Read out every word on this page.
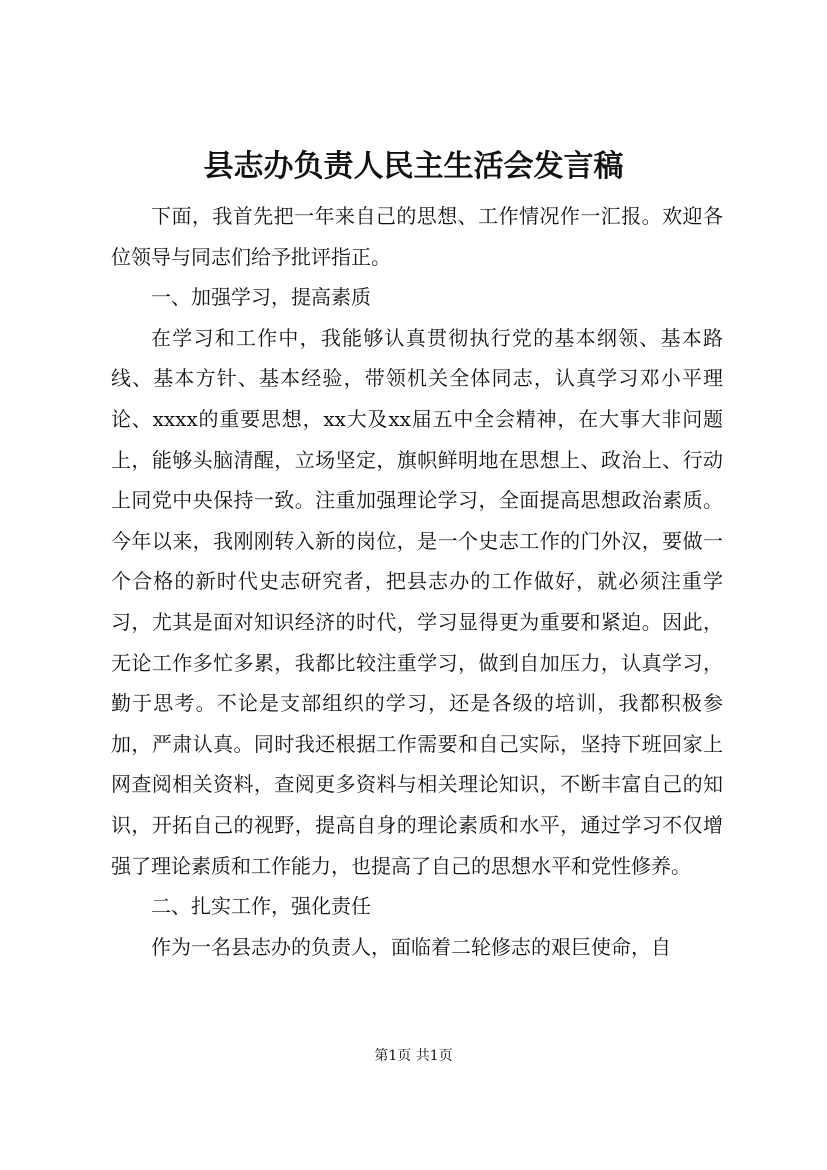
县志办负责人民主生活会发言稿

下面，我首先把一年来自己的思想、工作情况作一汇报。欢迎各位领导与同志们给予批评指正。

一、加强学习，提高素质

在学习和工作中，我能够认真贯彻执行党的基本纲领、基本路线、基本方针、基本经验，带领机关全体同志，认真学习邓小平理论、xxxx的重要思想，xx大及xx届五中全会精神，在大事大非问题上，能够头脑清醒，立场坚定，旗帜鲜明地在思想上、政治上、行动上同党中央保持一致。注重加强理论学习，全面提高思想政治素质。今年以来，我刚刚转入新的岗位，是一个史志工作的门外汉，要做一个合格的新时代史志研究者，把县志办的工作做好，就必须注重学习，尤其是面对知识经济的时代，学习显得更为重要和紧迫。因此，无论工作多忙多累，我都比较注重学习，做到自加压力，认真学习，勤于思考。不论是支部组织的学习，还是各级的培训，我都积极参加，严肃认真。同时我还根据工作需要和自己实际，坚持下班回家上网查阅相关资料，查阅更多资料与相关理论知识，不断丰富自己的知识，开拓自己的视野，提高自身的理论素质和水平，通过学习不仅增强了理论素质和工作能力，也提高了自己的思想水平和党性修养。

二、扎实工作，强化责任

作为一名县志办的负责人，面临着二轮修志的艰巨使命，自

第1页 共1页
